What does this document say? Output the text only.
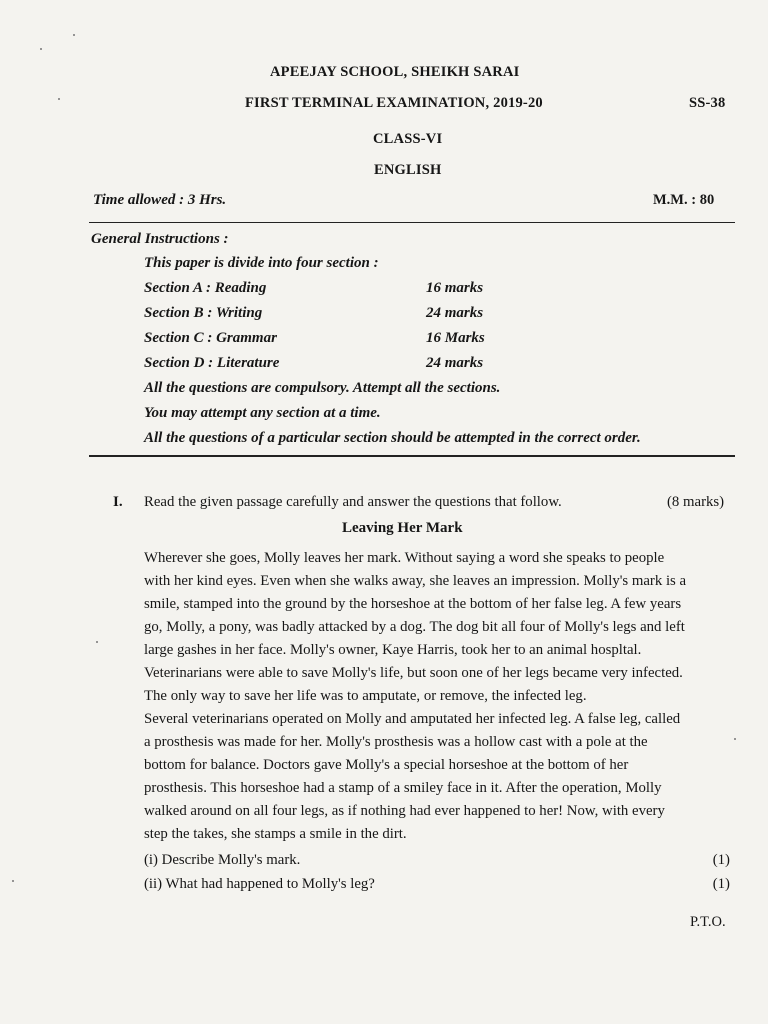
APEEJAY SCHOOL, SHEIKH SARAI
FIRST TERMINAL EXAMINATION, 2019-20	SS-38
CLASS-VI
ENGLISH
Time allowed : 3 Hrs.	M.M. : 80
General Instructions :
This paper is divide into four section :
Section A : Reading	16 marks
Section B : Writing	24 marks
Section C : Grammar	16 Marks
Section D : Literature	24 marks
All the questions are compulsory. Attempt all the sections.
You may attempt any section at a time.
All the questions of a particular section should be attempted in the correct order.
I. Read the given passage carefully and answer the questions that follow.	(8 marks)
Leaving Her Mark
Wherever she goes, Molly leaves her mark. Without saying a word she speaks to people
with her kind eyes. Even when she walks away, she leaves an impression. Molly's mark is a
smile, stamped into the ground by the horseshoe at the bottom of her false leg. A few years
go, Molly, a pony, was badly attacked by a dog. The dog bit all four of Molly's legs and left
large gashes in her face. Molly's owner, Kaye Harris, took her to an animal hospltal.
Veterinarians were able to save Molly's life, but soon one of her legs became very infected.
The only way to save her life was to amputate, or remove, the infected leg.
Several veterinarians operated on Molly and amputated her infected leg. A false leg, called
a prosthesis was made for her. Molly's prosthesis was a hollow cast with a pole at the
bottom for balance. Doctors gave Molly's a special horseshoe at the bottom of her
prosthesis. This horseshoe had a stamp of a smiley face in it. After the operation, Molly
walked around on all four legs, as if nothing had ever happened to her! Now, with every
step the takes, she stamps a smile in the dirt.
(i) Describe Molly's mark.	(1)
(ii) What had happened to Molly's leg?	(1)
P.T.O.
